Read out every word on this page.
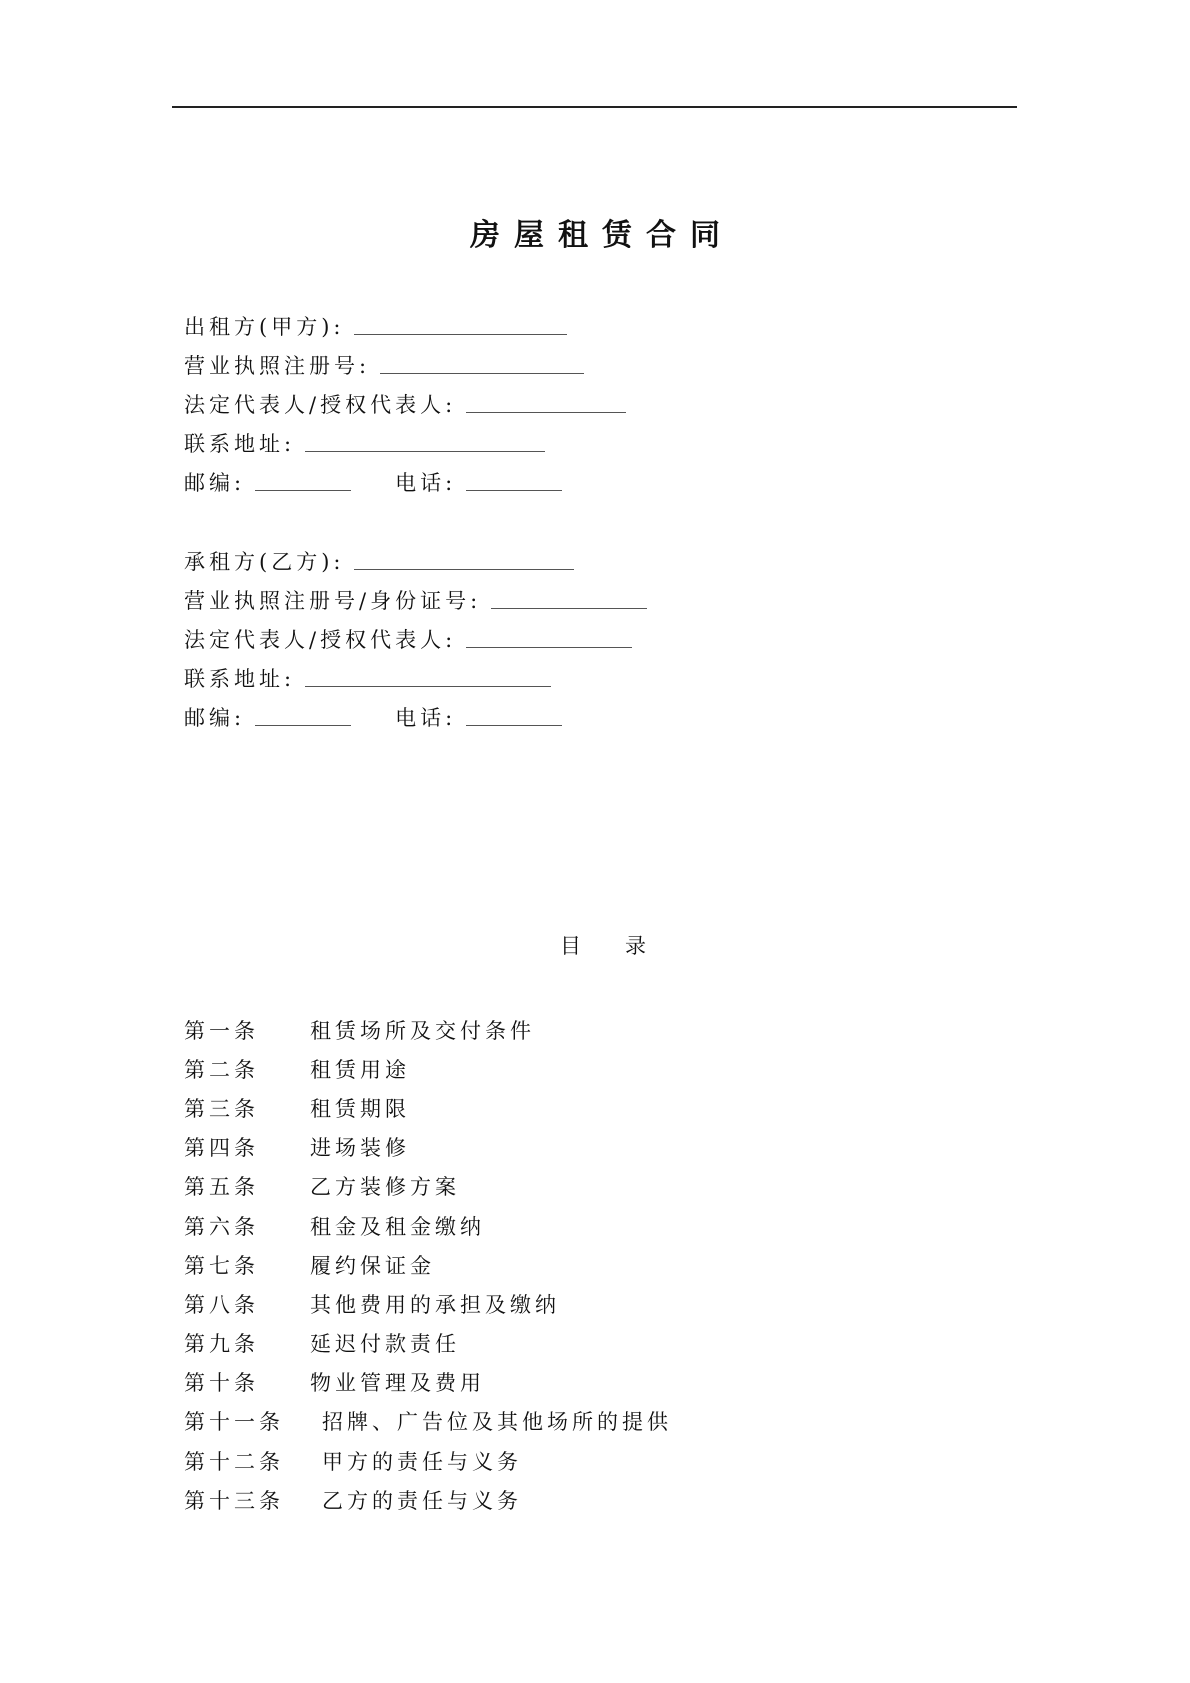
房屋租赁合同
出租方(甲方):
营业执照注册号:
法定代表人/授权代表人:
联系地址:
邮编:	电话:
承租方(乙方):
营业执照注册号/身份证号:
法定代表人/授权代表人:
联系地址:
邮编:	电话:
目 录
第一条	租赁场所及交付条件
第二条	租赁用途
第三条	租赁期限
第四条	进场装修
第五条	乙方装修方案
第六条	租金及租金缴纳
第七条	履约保证金
第八条	其他费用的承担及缴纳
第九条	延迟付款责任
第十条	物业管理及费用
第十一条	招牌、广告位及其他场所的提供
第十二条	甲方的责任与义务
第十三条	乙方的责任与义务
